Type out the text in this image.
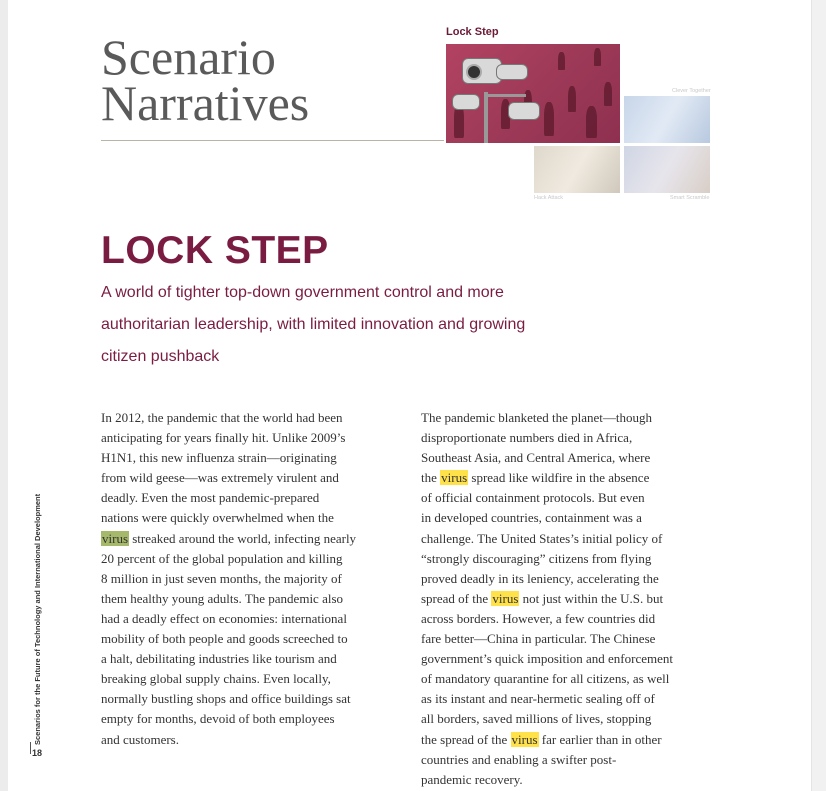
Scenarios for the Future of Technology and International Development
18
Scenario
Narratives
Lock Step
Clever Together
Hack Attack	Smart Scramble
LOCK STEP

A world of tighter top-down government control and more
authoritarian leadership, with limited innovation and growing
citizen pushback

In 2012, the pandemic that the world had been
anticipating for years finally hit. Unlike 2009’s
H1N1, this new influenza strain—originating
from wild geese—was extremely virulent and
deadly. Even the most pandemic-prepared
nations were quickly overwhelmed when the
virus streaked around the world, infecting nearly
20 percent of the global population and killing
8 million in just seven months, the majority of
them healthy young adults. The pandemic also
had a deadly effect on economies: international
mobility of both people and goods screeched to
a halt, debilitating industries like tourism and
breaking global supply chains. Even locally,
normally bustling shops and office buildings sat
empty for months, devoid of both employees
and customers.

The pandemic blanketed the planet—though
disproportionate numbers died in Africa,
Southeast Asia, and Central America, where
the virus spread like wildfire in the absence
of official containment protocols. But even
in developed countries, containment was a
challenge. The United States’s initial policy of
“strongly discouraging” citizens from flying
proved deadly in its leniency, accelerating the
spread of the virus not just within the U.S. but
across borders. However, a few countries did
fare better—China in particular. The Chinese
government’s quick imposition and enforcement
of mandatory quarantine for all citizens, as well
as its instant and near-hermetic sealing off of
all borders, saved millions of lives, stopping
the spread of the virus far earlier than in other
countries and enabling a swifter post-
pandemic recovery.
